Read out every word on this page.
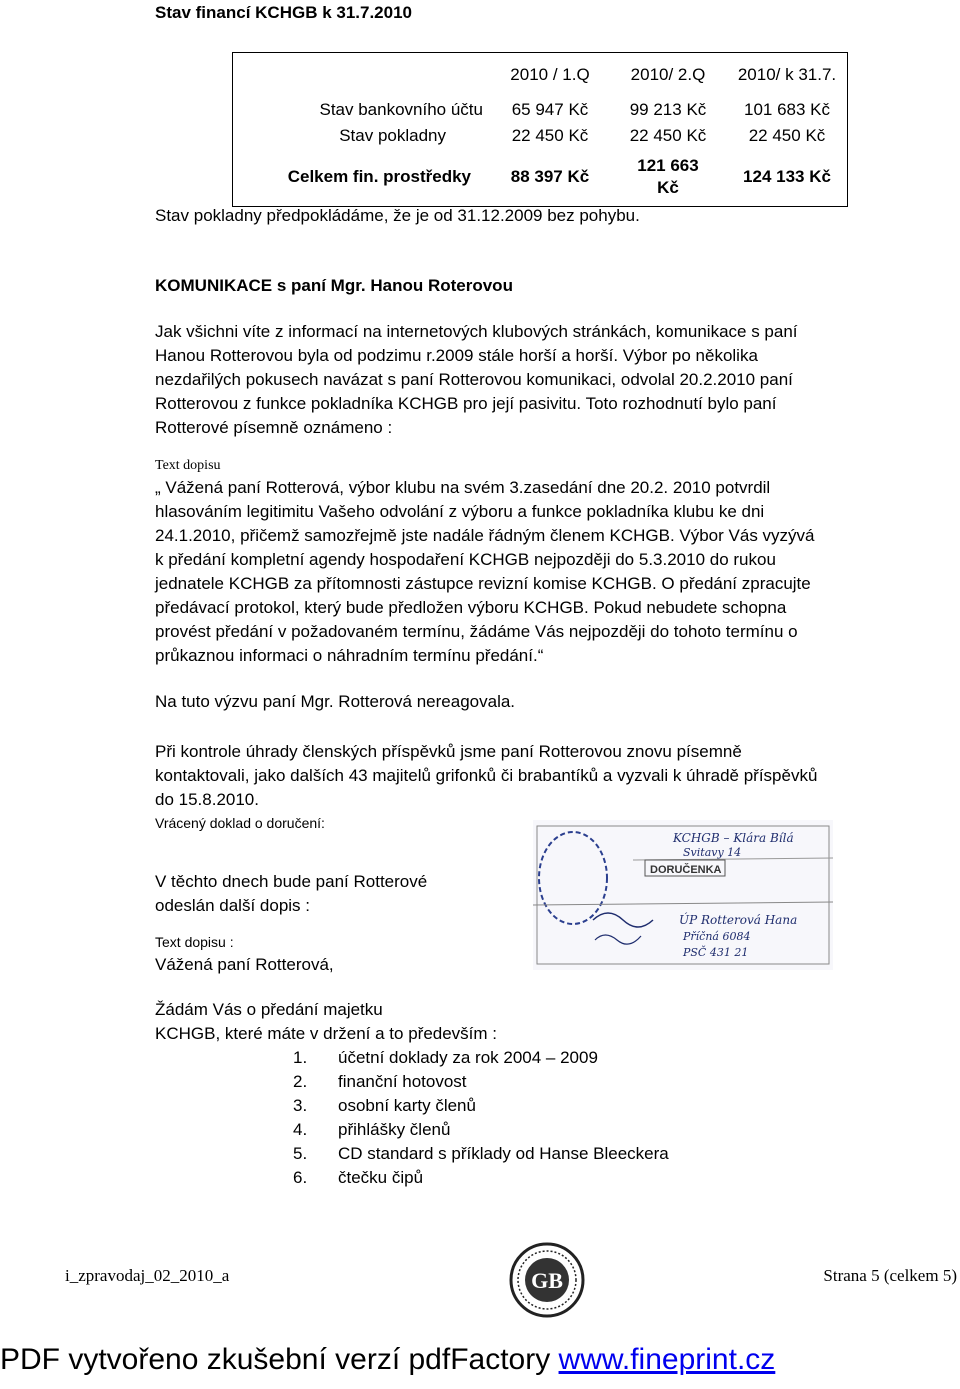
Stav financí KCHGB k 31.7.2010
	2010 / 1.Q	2010/ 2.Q	2010/ k 31.7.
Stav bankovního účtu	65 947 Kč	99 213 Kč	101 683 Kč
Stav pokladny	22 450 Kč	22 450 Kč	22 450 Kč
Celkem fin. prostředky	88 397 Kč	121 663 Kč	124 133 Kč
Stav pokladny předpokládáme, že je od 31.12.2009 bez pohybu.
KOMUNIKACE s paní Mgr. Hanou Roterovou
Jak všichni víte z informací na internetových klubových stránkách, komunikace s paní
Hanou Rotterovou byla od podzimu r.2009 stále horší a horší. Výbor po několika
nezdařilých pokusech navázat s paní Rotterovou komunikaci, odvolal 20.2.2010 paní
Rotterovou z funkce pokladníka KCHGB pro její pasivitu. Toto rozhodnutí bylo paní
Rotterové písemně oznámeno :
Text dopisu
„ Vážená paní Rotterová, výbor klubu na svém 3.zasedání dne 20.2. 2010 potvrdil
hlasováním legitimitu Vašeho odvolání z výboru a funkce pokladníka klubu ke dni
24.1.2010, přičemž samozřejmě jste nadále řádným členem KCHGB. Výbor Vás vyzývá
k předání kompletní agendy hospodaření KCHGB nejpozději do 5.3.2010 do rukou
jednatele KCHGB za přítomnosti zástupce revizní komise KCHGB. O předání zpracujte
předávací protokol, který bude předložen výboru KCHGB. Pokud nebudete schopna
provést předání v požadovaném termínu, žádáme Vás nejpozději do tohoto termínu o
průkaznou informaci o náhradním termínu předání.“
Na tuto výzvu paní Mgr. Rotterová nereagovala.
Při kontrole úhrady členských příspěvků jsme paní Rotterovou znovu písemně
kontaktovali, jako dalších 43 majitelů grifonků či brabantíků a vyzvali k úhradě příspěvků
do 15.8.2010.
Vrácený doklad o doručení:
DORUČENKA
KCHGB – Klára Bílá
Svitavy 14
ÚP Rotterová Hana
Příčná 6084
PSČ 431 21
V těchto dnech bude paní Rotterové
odeslán další dopis :
Text dopisu :
Vážená paní Rotterová,
Žádám Vás o předání majetku
KCHGB, které máte v držení a to především :
1. účetní doklady za rok 2004 – 2009
2. finanční hotovost
3. osobní karty členů
4. přihlášky členů
5. CD standard s příklady od Hanse Bleeckera
6. čtečku čipů
i_zpravodaj_02_2010_a	GB	Strana 5 (celkem 5)
PDF vytvořeno zkušební verzí pdfFactory www.fineprint.cz
